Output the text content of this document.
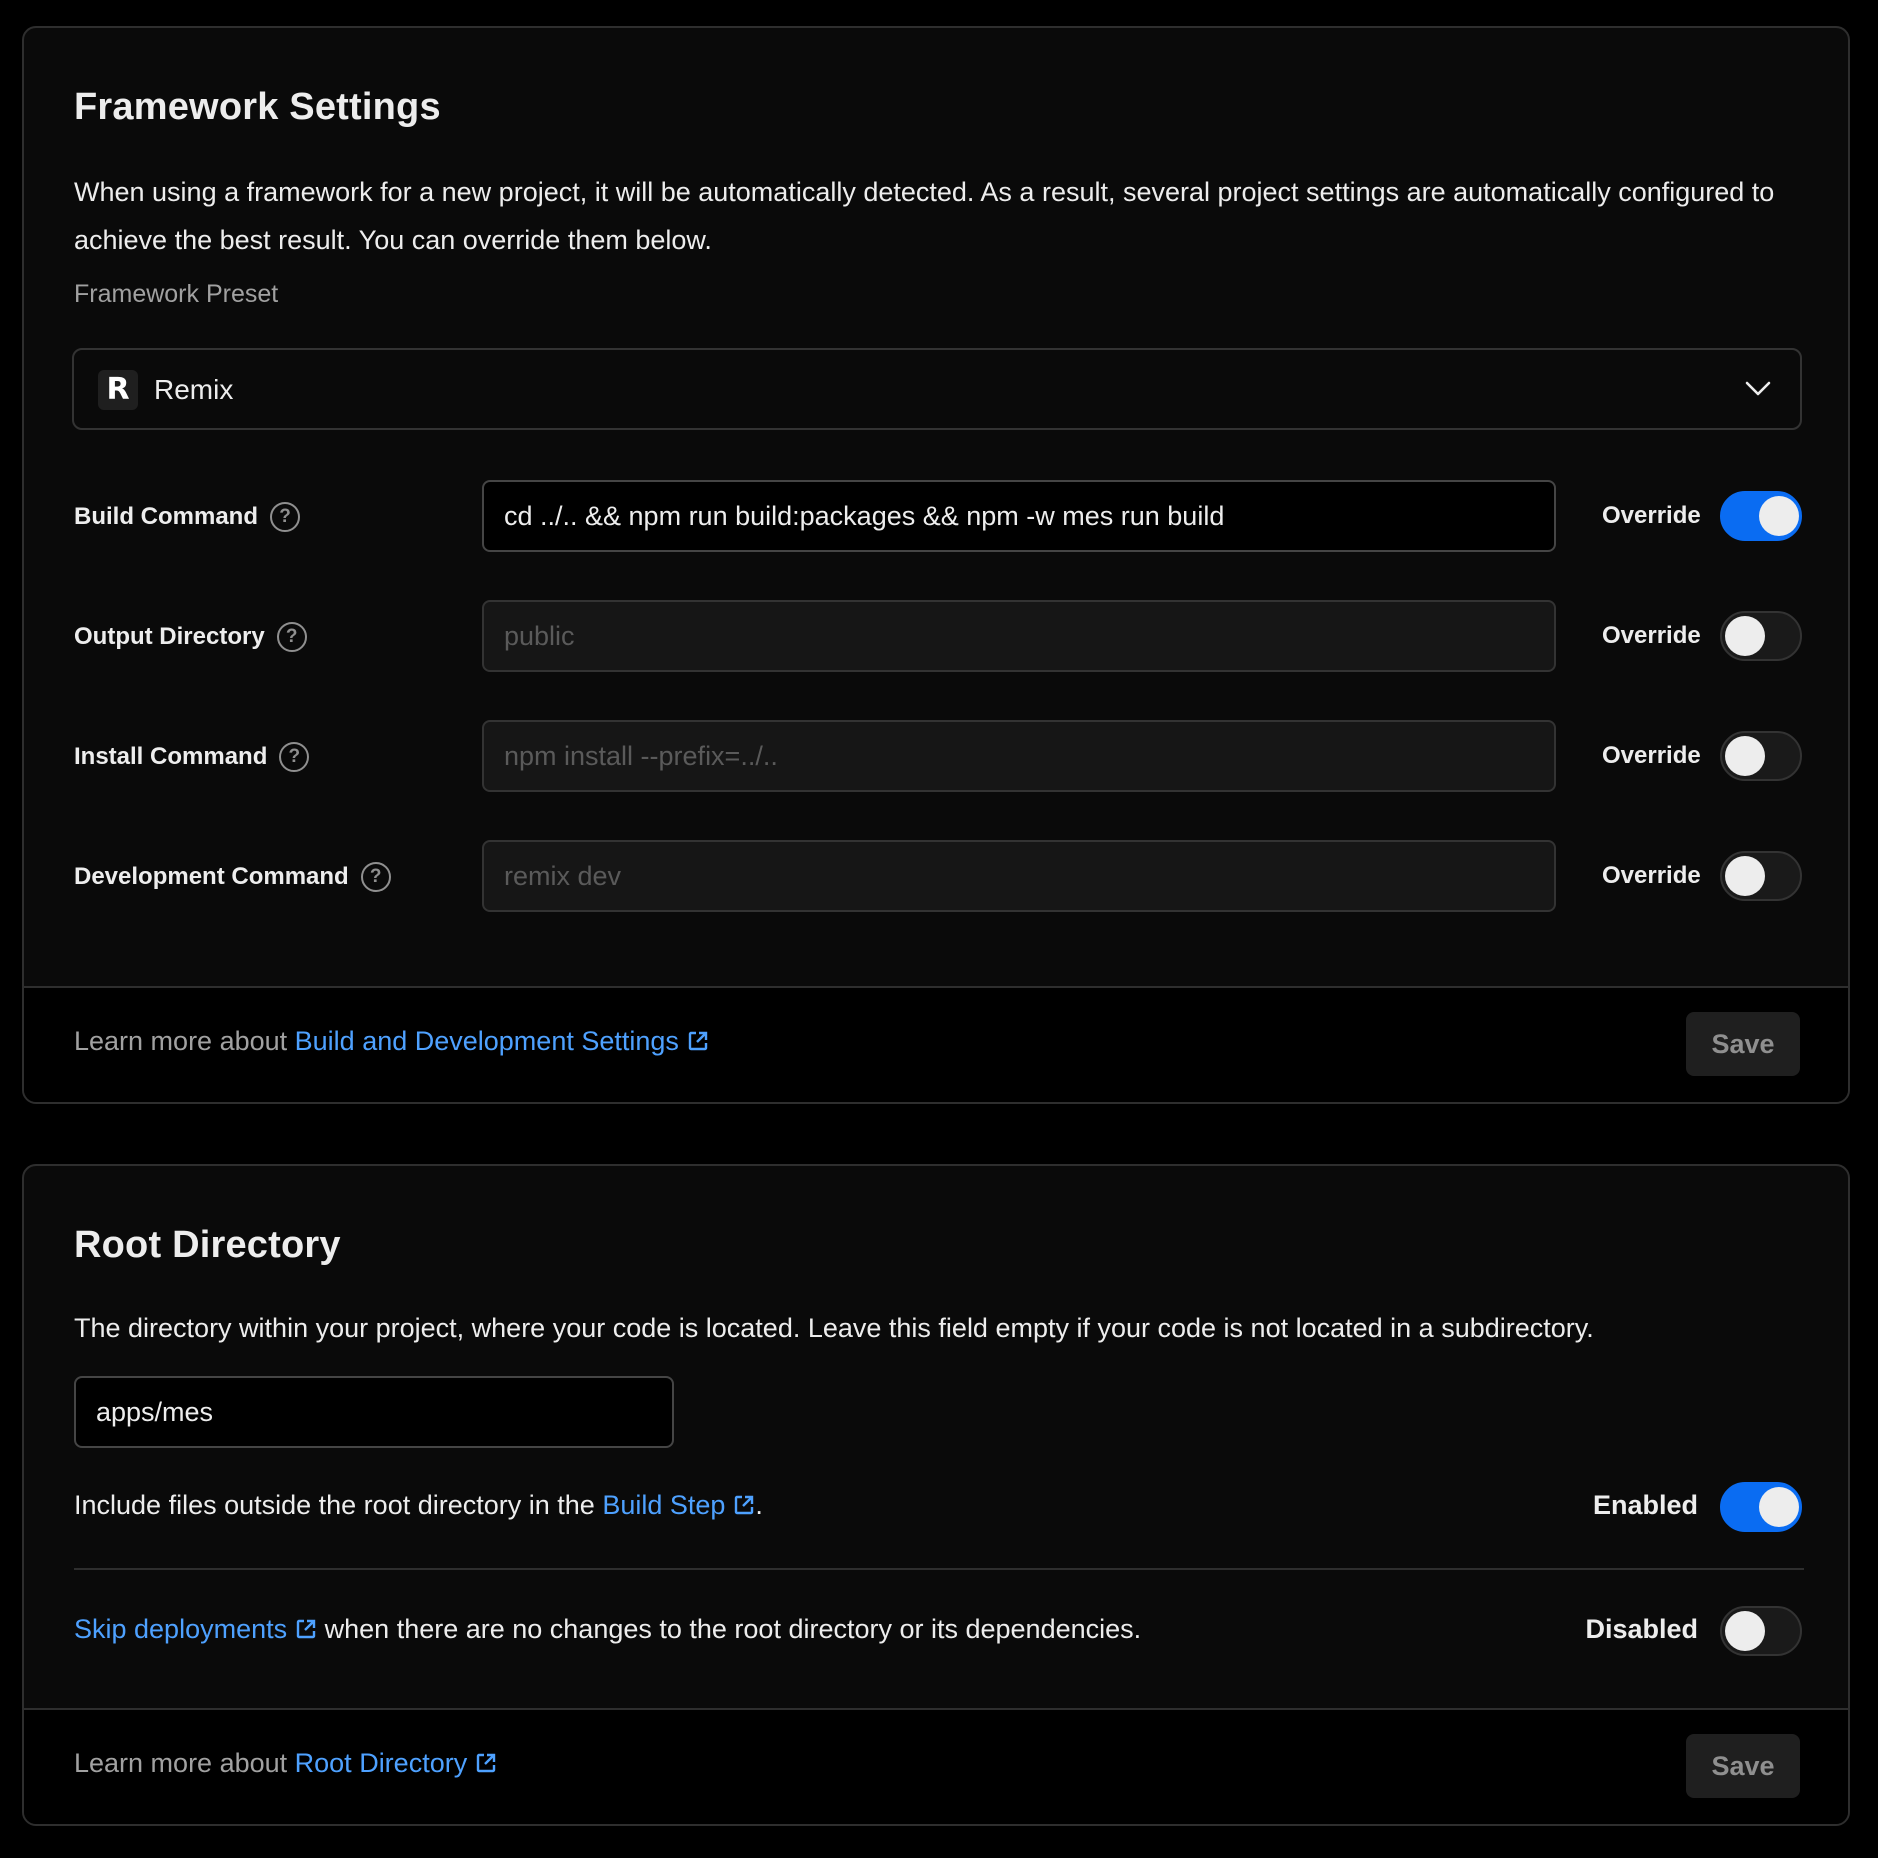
Framework Settings

When using a framework for a new project, it will be automatically detected. As a result, several project settings are automatically configured to achieve the best result. You can override them below.

Framework Preset
R Remix
Build Command	?
cd ../.. && npm run build:packages && npm -w mes run build	Override
Output Directory	?
public	Override
Install Command	?
npm install --prefix=../..	Override
Development Command	?
remix dev	Override
Learn more about Build and Development Settings	Save
Root Directory

The directory within your project, where your code is located. Leave this field empty if your code is not located in a subdirectory.

apps/mes
Include files outside the root directory in the Build Step .	Enabled
Skip deployments when there are no changes to the root directory or its dependencies.	Disabled
Learn more about Root Directory	Save
